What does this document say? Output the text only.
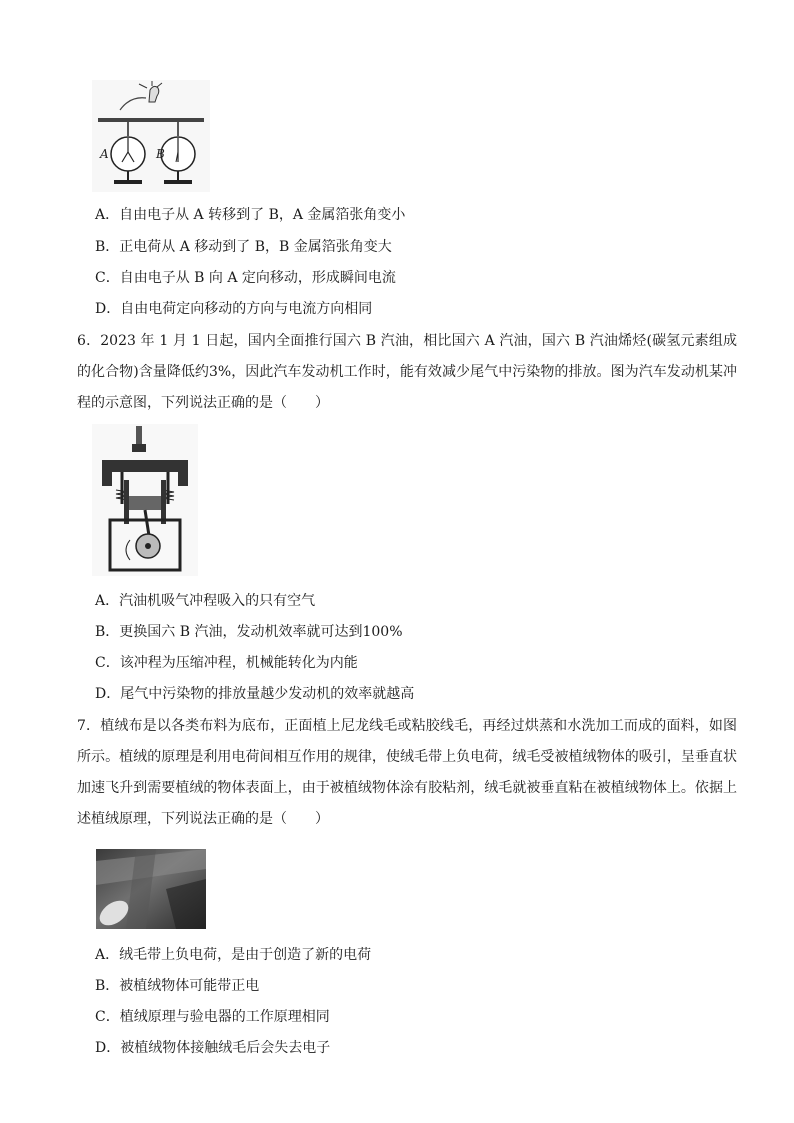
A	B
A．自由电子从 A 转移到了 B，A 金属箔张角变小
B．正电荷从 A 移动到了 B，B 金属箔张角变大
C．自由电子从 B 向 A 定向移动，形成瞬间电流
D．自由电荷定向移动的方向与电流方向相同
6．2023 年 1 月 1 日起，国内全面推行国六 B 汽油，相比国六 A 汽油，国六 B 汽油烯烃(碳氢元素组成的化合物)含量降低约3%，因此汽车发动机工作时，能有效减少尾气中污染物的排放。图为汽车发动机某冲程的示意图，下列说法正确的是（　　）
A．汽油机吸气冲程吸入的只有空气
B．更换国六 B 汽油，发动机效率就可达到100%
C．该冲程为压缩冲程，机械能转化为内能
D．尾气中污染物的排放量越少发动机的效率就越高
7．植绒布是以各类布料为底布，正面植上尼龙线毛或粘胶线毛，再经过烘蒸和水洗加工而成的面料，如图所示。植绒的原理是利用电荷间相互作用的规律，使绒毛带上负电荷，绒毛受被植绒物体的吸引，呈垂直状加速飞升到需要植绒的物体表面上，由于被植绒物体涂有胶粘剂，绒毛就被垂直粘在被植绒物体上。依据上述植绒原理，下列说法正确的是（　　）
A．绒毛带上负电荷，是由于创造了新的电荷
B．被植绒物体可能带正电
C．植绒原理与验电器的工作原理相同
D．被植绒物体接触绒毛后会失去电子
